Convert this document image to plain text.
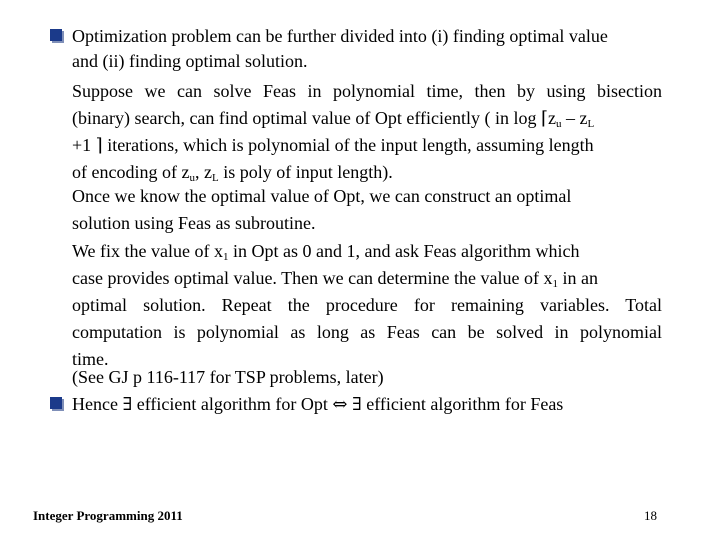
Optimization problem can be further divided into (i) finding optimal value
and (ii) finding optimal solution.
Suppose we can solve Feas in polynomial time, then by using bisection
(binary) search, can find optimal value of Opt efficiently ( in $\log ⌈z_u - z_L$
+1 ⌉ iterations, which is polynomial of the input length, assuming length
of encoding of $z_u$, $z_L$ is poly of input length).
Once we know the optimal value of Opt, we can construct an optimal
solution using Feas as subroutine.
We fix the value of $x_1$ in Opt as 0 and 1, and ask Feas algorithm which
case provides optimal value. Then we can determine the value of $x_1$ in an
optimal solution. Repeat the procedure for remaining variables. Total
computation is polynomial as long as Feas can be solved in polynomial
time.
(See GJ p 116-117 for TSP problems, later)
Hence ∃ efficient algorithm for Opt ⇔ ∃ efficient algorithm for Feas
Integer Programming 2011	18
